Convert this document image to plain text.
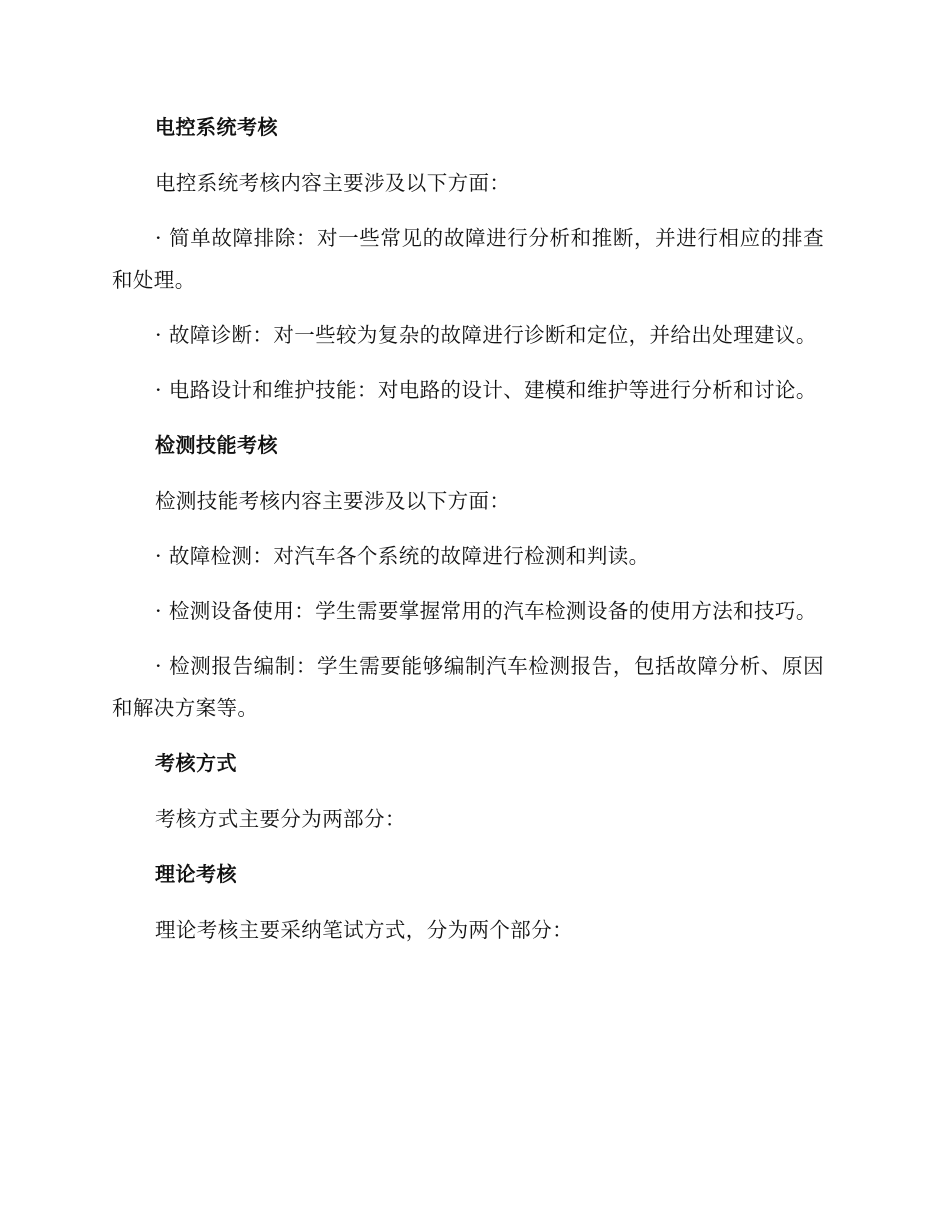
电控系统考核

电控系统考核内容主要涉及以下方面：

· 简单故障排除：对一些常见的故障进行分析和推断，并进行相应的排查和处理。

· 故障诊断：对一些较为复杂的故障进行诊断和定位，并给出处理建议。

· 电路设计和维护技能：对电路的设计、建模和维护等进行分析和讨论。

检测技能考核

检测技能考核内容主要涉及以下方面：

· 故障检测：对汽车各个系统的故障进行检测和判读。

· 检测设备使用：学生需要掌握常用的汽车检测设备的使用方法和技巧。

· 检测报告编制：学生需要能够编制汽车检测报告，包括故障分析、原因和解决方案等。

考核方式

考核方式主要分为两部分：

理论考核

理论考核主要采纳笔试方式，分为两个部分：
